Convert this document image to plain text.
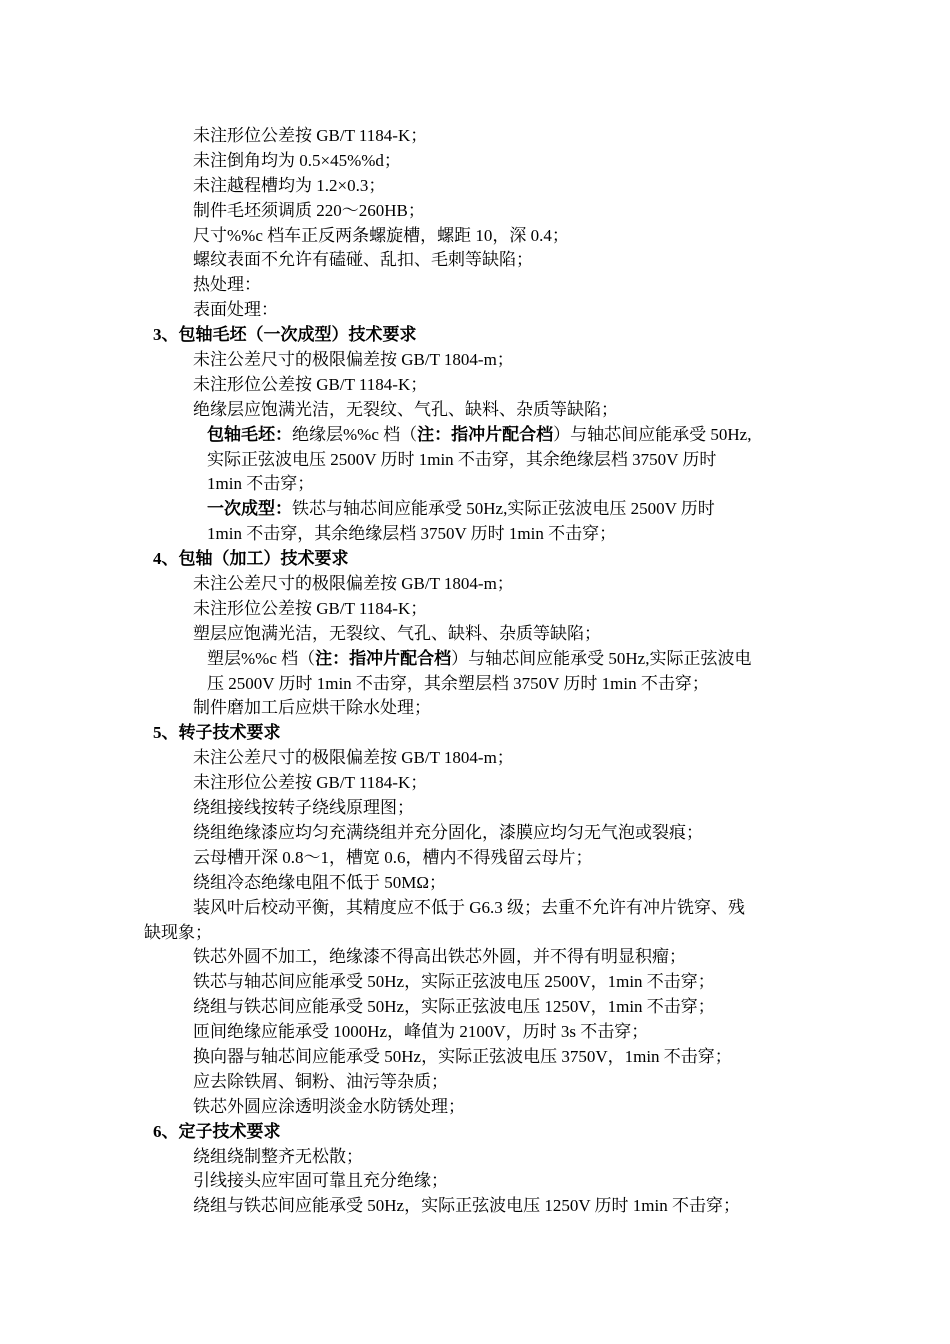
未注形位公差按 GB/T 1184-K；
未注倒角均为 0.5×45%%d；
未注越程槽均为 1.2×0.3；
制件毛坯须调质 220～260HB；
尺寸%%c 档车正反两条螺旋槽，螺距 10，深 0.4；
螺纹表面不允许有磕碰、乱扣、毛刺等缺陷；
热处理：
表面处理：
3、包轴毛坯（一次成型）技术要求
未注公差尺寸的极限偏差按 GB/T 1804-m；
未注形位公差按 GB/T 1184-K；
绝缘层应饱满光洁，无裂纹、气孔、缺料、杂质等缺陷；
包轴毛坯：绝缘层%%c 档（注：指冲片配合档）与轴芯间应能承受 50Hz,
实际正弦波电压 2500V 历时 1min 不击穿，其余绝缘层档 3750V 历时
1min 不击穿；
一次成型：铁芯与轴芯间应能承受 50Hz,实际正弦波电压 2500V 历时
1min 不击穿，其余绝缘层档 3750V 历时 1min 不击穿；
4、包轴（加工）技术要求
未注公差尺寸的极限偏差按 GB/T 1804-m；
未注形位公差按 GB/T 1184-K；
塑层应饱满光洁，无裂纹、气孔、缺料、杂质等缺陷；
塑层%%c 档（注：指冲片配合档）与轴芯间应能承受 50Hz,实际正弦波电
压 2500V 历时 1min 不击穿，其余塑层档 3750V 历时 1min 不击穿；
制件磨加工后应烘干除水处理；
5、转子技术要求
未注公差尺寸的极限偏差按 GB/T 1804-m；
未注形位公差按 GB/T 1184-K；
绕组接线按转子绕线原理图；
绕组绝缘漆应均匀充满绕组并充分固化，漆膜应均匀无气泡或裂痕；
云母槽开深 0.8～1，槽宽 0.6，槽内不得残留云母片；
绕组冷态绝缘电阻不低于 50MΩ；
装风叶后校动平衡，其精度应不低于 G6.3 级；去重不允许有冲片铣穿、残
缺现象；
铁芯外圆不加工，绝缘漆不得高出铁芯外圆，并不得有明显积瘤；
铁芯与轴芯间应能承受 50Hz，实际正弦波电压 2500V，1min 不击穿；
绕组与铁芯间应能承受 50Hz，实际正弦波电压 1250V，1min 不击穿；
匝间绝缘应能承受 1000Hz，峰值为 2100V，历时 3s 不击穿；
换向器与轴芯间应能承受 50Hz，实际正弦波电压 3750V，1min 不击穿；
应去除铁屑、铜粉、油污等杂质；
铁芯外圆应涂透明淡金水防锈处理；
6、定子技术要求
绕组绕制整齐无松散；
引线接头应牢固可靠且充分绝缘；
绕组与铁芯间应能承受 50Hz，实际正弦波电压 1250V 历时 1min 不击穿；
